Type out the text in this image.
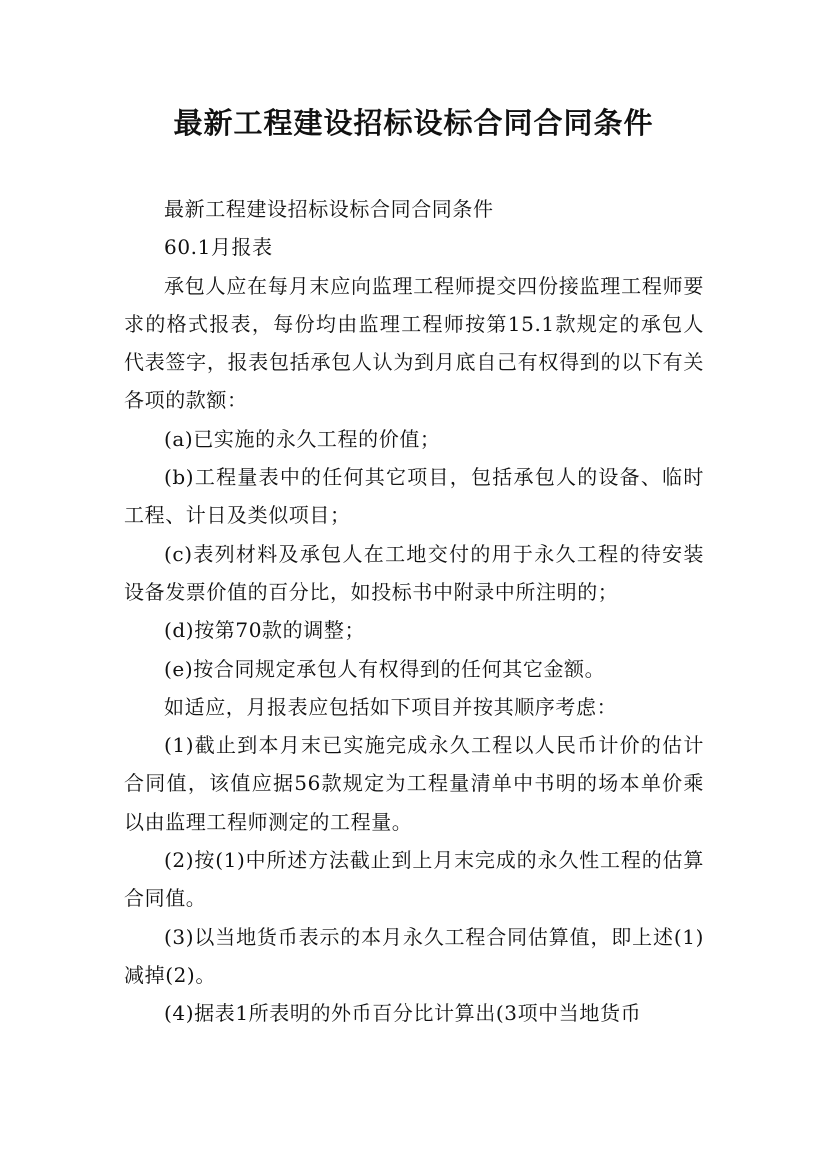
最新工程建设招标设标合同合同条件

最新工程建设招标设标合同合同条件

60.1月报表

承包人应在每月末应向监理工程师提交四份接监理工程师要求的格式报表，每份均由监理工程师按第15.1款规定的承包人代表签字，报表包括承包人认为到月底自己有权得到的以下有关各项的款额：

(a)已实施的永久工程的价值；

(b)工程量表中的任何其它项目，包括承包人的设备、临时工程、计日及类似项目；

(c)表列材料及承包人在工地交付的用于永久工程的待安装设备发票价值的百分比，如投标书中附录中所注明的；

(d)按第70款的调整；

(e)按合同规定承包人有权得到的任何其它金额。

如适应，月报表应包括如下项目并按其顺序考虑：

(1)截止到本月末已实施完成永久工程以人民币计价的估计合同值，该值应据56款规定为工程量清单中书明的场本单价乘以由监理工程师测定的工程量。

(2)按(1)中所述方法截止到上月末完成的永久性工程的估算合同值。

(3)以当地货币表示的本月永久工程合同估算值，即上述(1)减掉(2)。

(4)据表1所表明的外币百分比计算出(3项中当地货币
